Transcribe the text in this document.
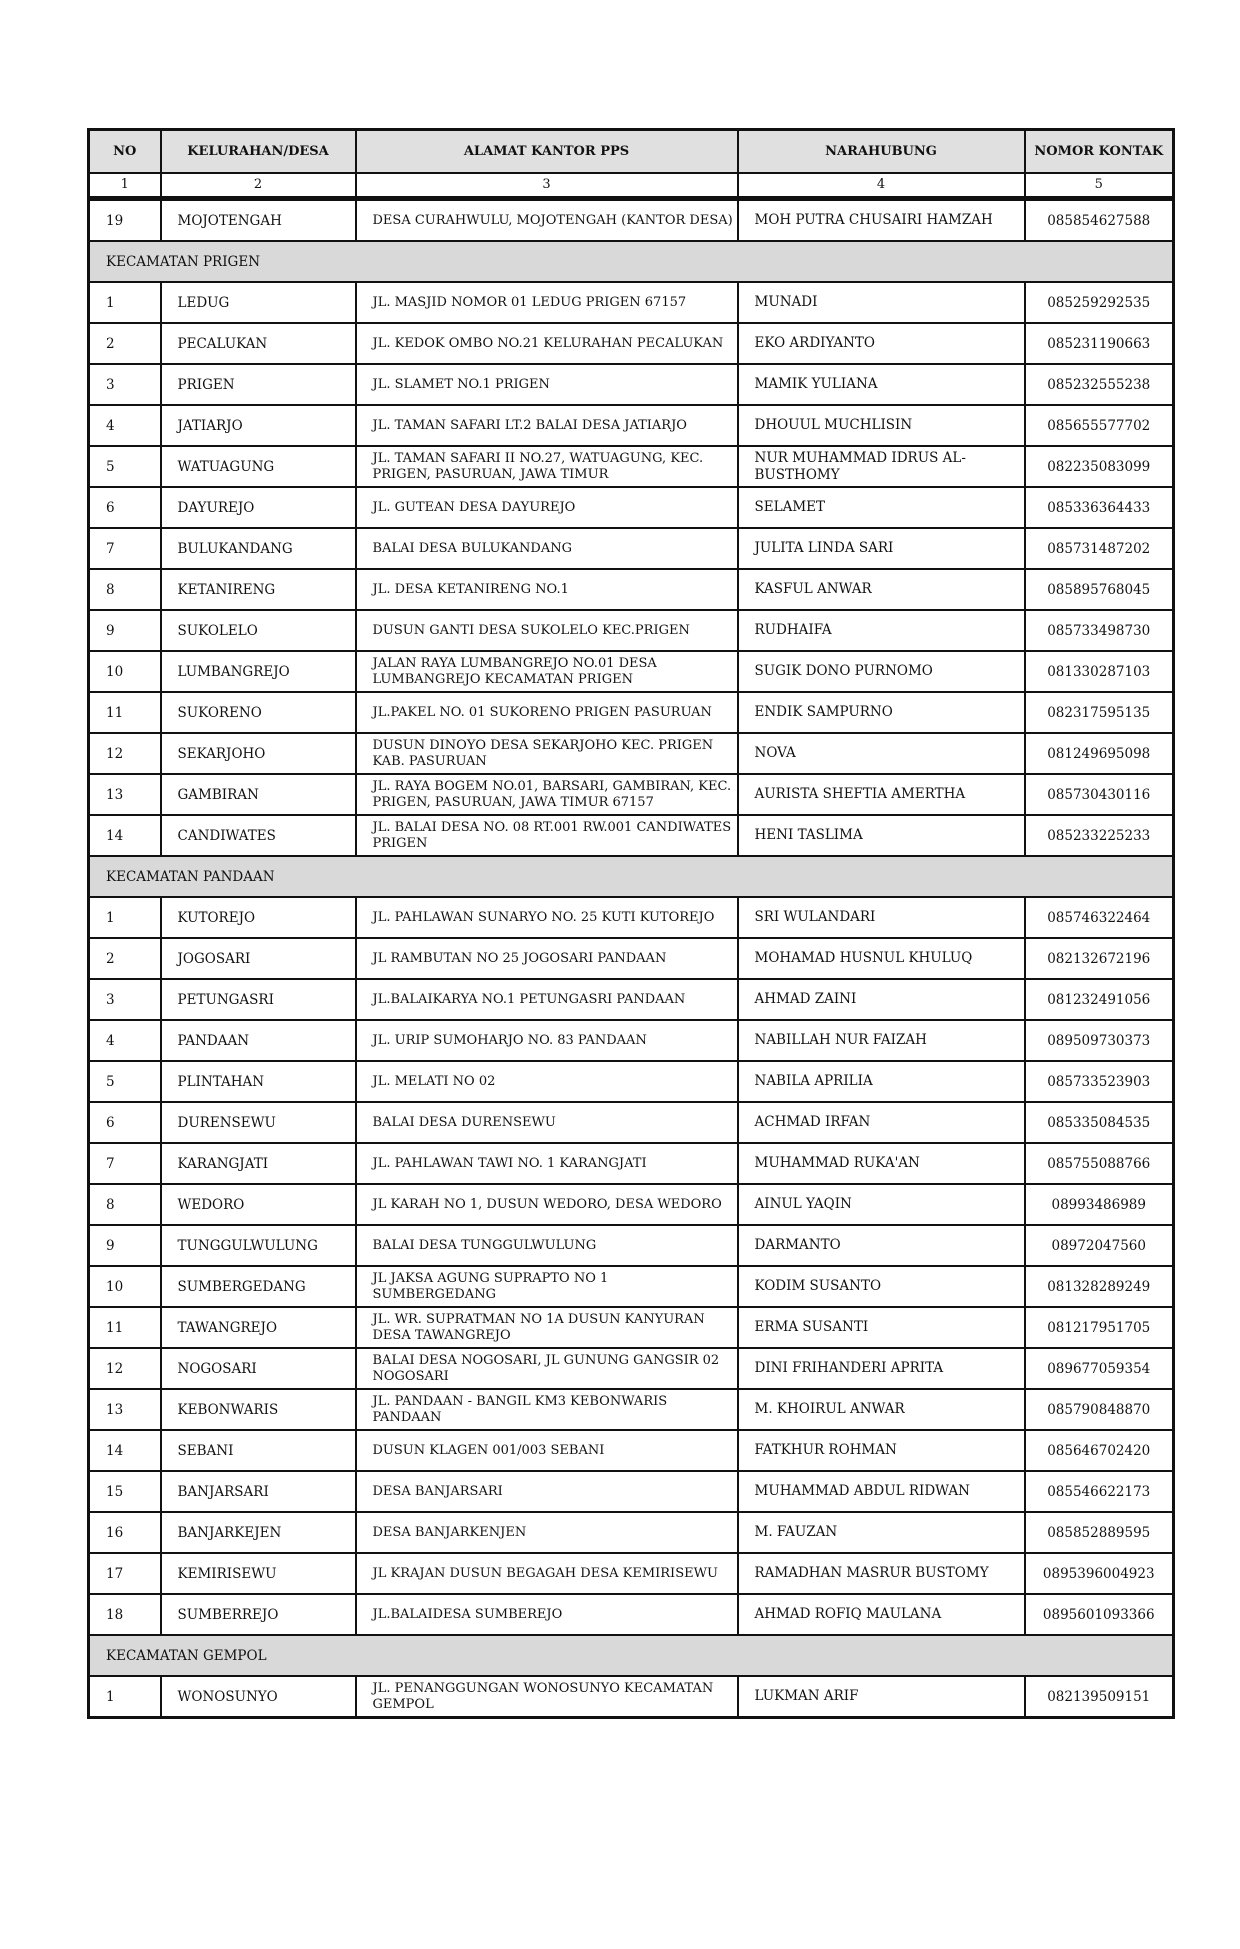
NO	KELURAHAN/DESA	ALAMAT KANTOR PPS	NARAHUBUNG	NOMOR KONTAK
1	2	3	4	5
19	MOJOTENGAH	DESA CURAHWULU, MOJOTENGAH (KANTOR DESA)	MOH PUTRA CHUSAIRI HAMZAH	085854627588
KECAMATAN PRIGEN				
1	LEDUG	JL. MASJID NOMOR 01 LEDUG PRIGEN 67157	MUNADI	085259292535
2	PECALUKAN	JL. KEDOK OMBO NO.21 KELURAHAN PECALUKAN	EKO ARDIYANTO	085231190663
3	PRIGEN	JL. SLAMET NO.1 PRIGEN	MAMIK YULIANA	085232555238
4	JATIARJO	JL. TAMAN SAFARI LT.2 BALAI DESA JATIARJO	DHOUUL MUCHLISIN	085655577702
5	WATUAGUNG	JL. TAMAN SAFARI II NO.27, WATUAGUNG, KEC. PRIGEN, PASURUAN, JAWA TIMUR	NUR MUHAMMAD IDRUS AL-BUSTHOMY	082235083099
6	DAYUREJO	JL. GUTEAN DESA DAYUREJO	SELAMET	085336364433
7	BULUKANDANG	BALAI DESA BULUKANDANG	JULITA LINDA SARI	085731487202
8	KETANIRENG	JL. DESA KETANIRENG NO.1	KASFUL ANWAR	085895768045
9	SUKOLELO	DUSUN GANTI DESA SUKOLELO KEC.PRIGEN	RUDHAIFA	085733498730
10	LUMBANGREJO	JALAN RAYA LUMBANGREJO NO.01 DESA LUMBANGREJO KECAMATAN PRIGEN	SUGIK DONO PURNOMO	081330287103
11	SUKORENO	JL.PAKEL NO. 01 SUKORENO PRIGEN PASURUAN	ENDIK SAMPURNO	082317595135
12	SEKARJOHO	DUSUN DINOYO DESA SEKARJOHO KEC. PRIGEN KAB. PASURUAN	NOVA	081249695098
13	GAMBIRAN	JL. RAYA BOGEM NO.01, BARSARI, GAMBIRAN, KEC. PRIGEN, PASURUAN, JAWA TIMUR 67157	AURISTA SHEFTIA AMERTHA	085730430116
14	CANDIWATES	JL. BALAI DESA NO. 08 RT.001 RW.001 CANDIWATES PRIGEN	HENI TASLIMA	085233225233
KECAMATAN PANDAAN				
1	KUTOREJO	JL. PAHLAWAN SUNARYO NO. 25 KUTI KUTOREJO	SRI WULANDARI	085746322464
2	JOGOSARI	JL RAMBUTAN NO 25 JOGOSARI PANDAAN	MOHAMAD HUSNUL KHULUQ	082132672196
3	PETUNGASRI	JL.BALAIKARYA NO.1 PETUNGASRI PANDAAN	AHMAD ZAINI	081232491056
4	PANDAAN	JL. URIP SUMOHARJO NO. 83 PANDAAN	NABILLAH NUR FAIZAH	089509730373
5	PLINTAHAN	JL. MELATI NO 02	NABILA APRILIA	085733523903
6	DURENSEWU	BALAI DESA DURENSEWU	ACHMAD IRFAN	085335084535
7	KARANGJATI	JL. PAHLAWAN TAWI NO. 1 KARANGJATI	MUHAMMAD RUKA'AN	085755088766
8	WEDORO	JL KARAH NO 1, DUSUN WEDORO, DESA WEDORO	AINUL YAQIN	08993486989
9	TUNGGULWULUNG	BALAI DESA TUNGGULWULUNG	DARMANTO	08972047560
10	SUMBERGEDANG	JL JAKSA AGUNG SUPRAPTO NO 1 SUMBERGEDANG	KODIM SUSANTO	081328289249
11	TAWANGREJO	JL. WR. SUPRATMAN NO 1A DUSUN KANYURAN DESA TAWANGREJO	ERMA SUSANTI	081217951705
12	NOGOSARI	BALAI DESA NOGOSARI, JL GUNUNG GANGSIR 02 NOGOSARI	DINI FRIHANDERI APRITA	089677059354
13	KEBONWARIS	JL. PANDAAN - BANGIL KM3 KEBONWARIS PANDAAN	M. KHOIRUL ANWAR	085790848870
14	SEBANI	DUSUN KLAGEN 001/003 SEBANI	FATKHUR ROHMAN	085646702420
15	BANJARSARI	DESA BANJARSARI	MUHAMMAD ABDUL RIDWAN	085546622173
16	BANJARKEJEN	DESA BANJARKENJEN	M. FAUZAN	085852889595
17	KEMIRISEWU	JL KRAJAN DUSUN BEGAGAH DESA KEMIRISEWU	RAMADHAN MASRUR BUSTOMY	0895396004923
18	SUMBERREJO	JL.BALAIDESA SUMBEREJO	AHMAD ROFIQ MAULANA	0895601093366
KECAMATAN GEMPOL				
1	WONOSUNYO	JL. PENANGGUNGAN WONOSUNYO KECAMATAN GEMPOL	LUKMAN ARIF	082139509151
